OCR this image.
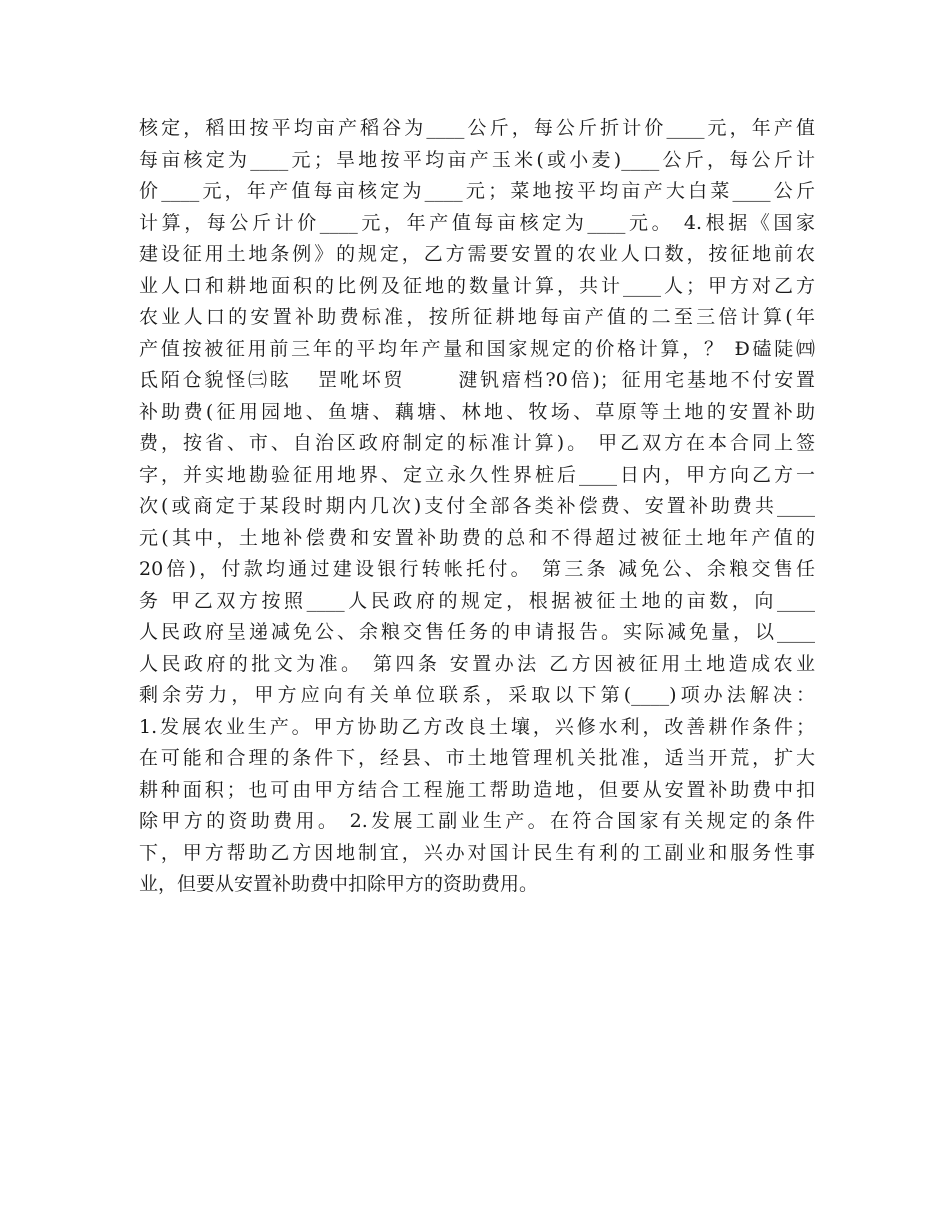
核定，稻田按平均亩产稻谷为____公斤，每公斤折计价____元，年产值
每亩核定为____元；旱地按平均亩产玉米(或小麦)____公斤，每公斤计
价____元，年产值每亩核定为____元；菜地按平均亩产大白菜____公斤
计算，每公斤计价____元，年产值每亩核定为____元。 4.根据《国家
建设征用土地条例》的规定，乙方需要安置的农业人口数，按征地前农
业人口和耕地面积的比例及征地的数量计算，共计____人；甲方对乙方
农业人口的安置补助费标准，按所征耕地每亩产值的二至三倍计算(年
产值按被征用前三年的平均年产量和国家规定的价格计算，？ Đ磕陡㈣
氐陌仓貌怪㈢眩   罡吪坏贸      湕钒瘖档?0倍)；征用宅基地不付安置
补助费(征用园地、鱼塘、藕塘、林地、牧场、草原等土地的安置补助
费，按省、市、自治区政府制定的标准计算)。 甲乙双方在本合同上签
字，并实地勘验征用地界、定立永久性界桩后____日内，甲方向乙方一
次(或商定于某段时期内几次)支付全部各类补偿费、安置补助费共____
元(其中，土地补偿费和安置补助费的总和不得超过被征土地年产值的
20倍)，付款均通过建设银行转帐托付。 第三条 减免公、余粮交售任
务 甲乙双方按照____人民政府的规定，根据被征土地的亩数，向____
人民政府呈递减免公、余粮交售任务的申请报告。实际减免量，以____
人民政府的批文为准。 第四条 安置办法 乙方因被征用土地造成农业
剩余劳力，甲方应向有关单位联系，采取以下第(____)项办法解决：
1.发展农业生产。甲方协助乙方改良土壤，兴修水利，改善耕作条件；
在可能和合理的条件下，经县、市土地管理机关批准，适当开荒，扩大
耕种面积；也可由甲方结合工程施工帮助造地，但要从安置补助费中扣
除甲方的资助费用。 2.发展工副业生产。在符合国家有关规定的条件
下，甲方帮助乙方因地制宜，兴办对国计民生有利的工副业和服务性事
业，但要从安置补助费中扣除甲方的资助费用。
